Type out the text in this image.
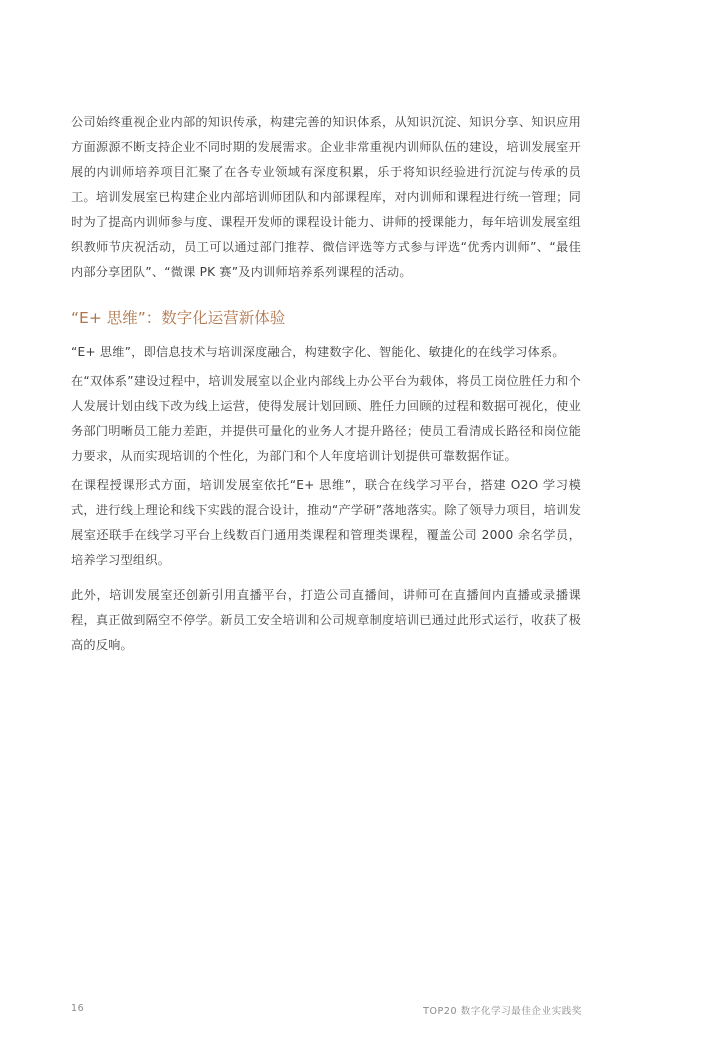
公司始终重视企业内部的知识传承，构建完善的知识体系，从知识沉淀、知识分享、知识应用方面源源不断支持企业不同时期的发展需求。企业非常重视内训师队伍的建设，培训发展室开展的内训师培养项目汇聚了在各专业领域有深度积累，乐于将知识经验进行沉淀与传承的员工。培训发展室已构建企业内部培训师团队和内部课程库，对内训师和课程进行统一管理；同时为了提高内训师参与度、课程开发师的课程设计能力、讲师的授课能力，每年培训发展室组织教师节庆祝活动，员工可以通过部门推荐、微信评选等方式参与评选“优秀内训师”、“最佳内部分享团队”、“微课 PK 赛”及内训师培养系列课程的活动。

“E+ 思维”：数字化运营新体验

“E+ 思维”，即信息技术与培训深度融合，构建数字化、智能化、敏捷化的在线学习体系。

在“双体系”建设过程中，培训发展室以企业内部线上办公平台为载体，将员工岗位胜任力和个人发展计划由线下改为线上运营，使得发展计划回顾、胜任力回顾的过程和数据可视化，使业务部门明晰员工能力差距，并提供可量化的业务人才提升路径；使员工看清成长路径和岗位能力要求，从而实现培训的个性化，为部门和个人年度培训计划提供可靠数据作证。

在课程授课形式方面，培训发展室依托“E+ 思维”，联合在线学习平台，搭建 O2O 学习模式，进行线上理论和线下实践的混合设计，推动“产学研”落地落实。除了领导力项目，培训发展室还联手在线学习平台上线数百门通用类课程和管理类课程，覆盖公司 2000 余名学员，培养学习型组织。

此外，培训发展室还创新引用直播平台，打造公司直播间，讲师可在直播间内直播或录播课程，真正做到隔空不停学。新员工安全培训和公司规章制度培训已通过此形式运行，收获了极高的反响。

16	TOP20 数字化学习最佳企业实践奖
